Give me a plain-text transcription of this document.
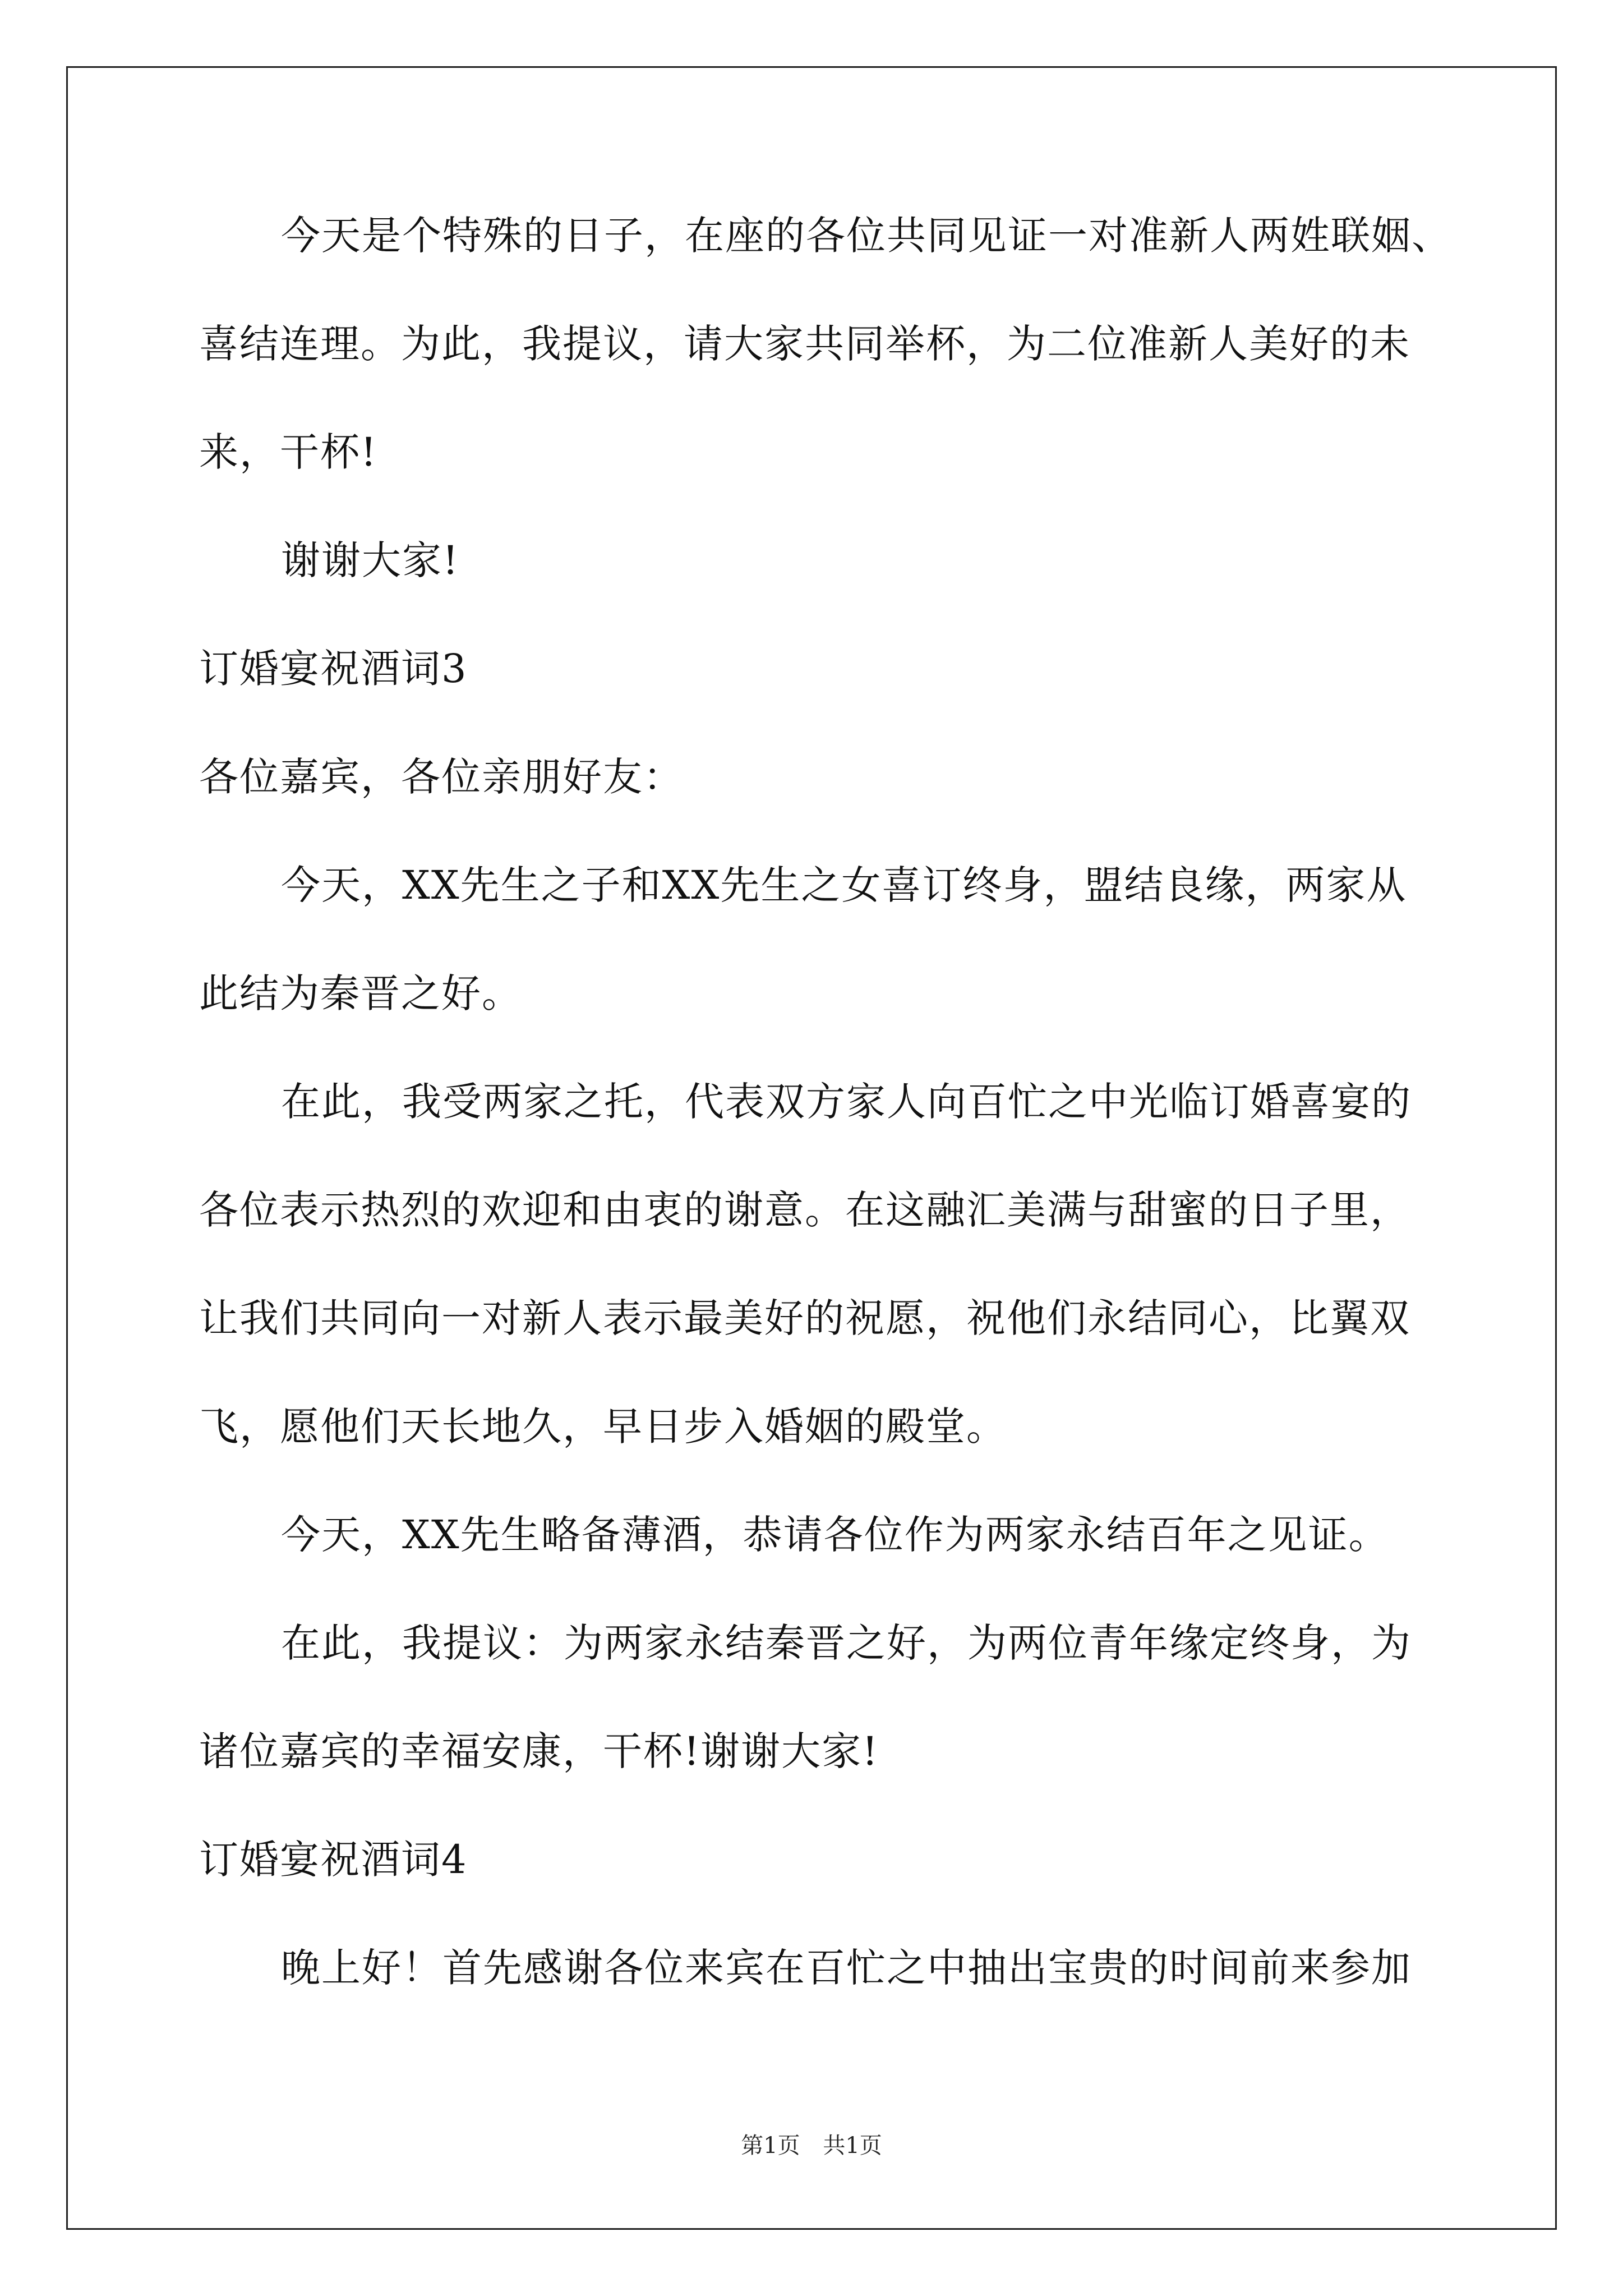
今天是个特殊的日子，在座的各位共同见证一对准新人两姓联姻、
喜结连理。为此，我提议，请大家共同举杯，为二位准新人美好的未
来，干杯!
谢谢大家!
订婚宴祝酒词3
各位嘉宾，各位亲朋好友：
今天，XX先生之子和XX先生之女喜订终身，盟结良缘，两家从
此结为秦晋之好。
在此，我受两家之托，代表双方家人向百忙之中光临订婚喜宴的
各位表示热烈的欢迎和由衷的谢意。在这融汇美满与甜蜜的日子里，
让我们共同向一对新人表示最美好的祝愿，祝他们永结同心，比翼双
飞，愿他们天长地久，早日步入婚姻的殿堂。
今天，XX先生略备薄酒，恭请各位作为两家永结百年之见证。
在此，我提议：为两家永结秦晋之好，为两位青年缘定终身，为
诸位嘉宾的幸福安康，干杯!谢谢大家!
订婚宴祝酒词4
晚上好！首先感谢各位来宾在百忙之中抽出宝贵的时间前来参加
第1页 共1页
